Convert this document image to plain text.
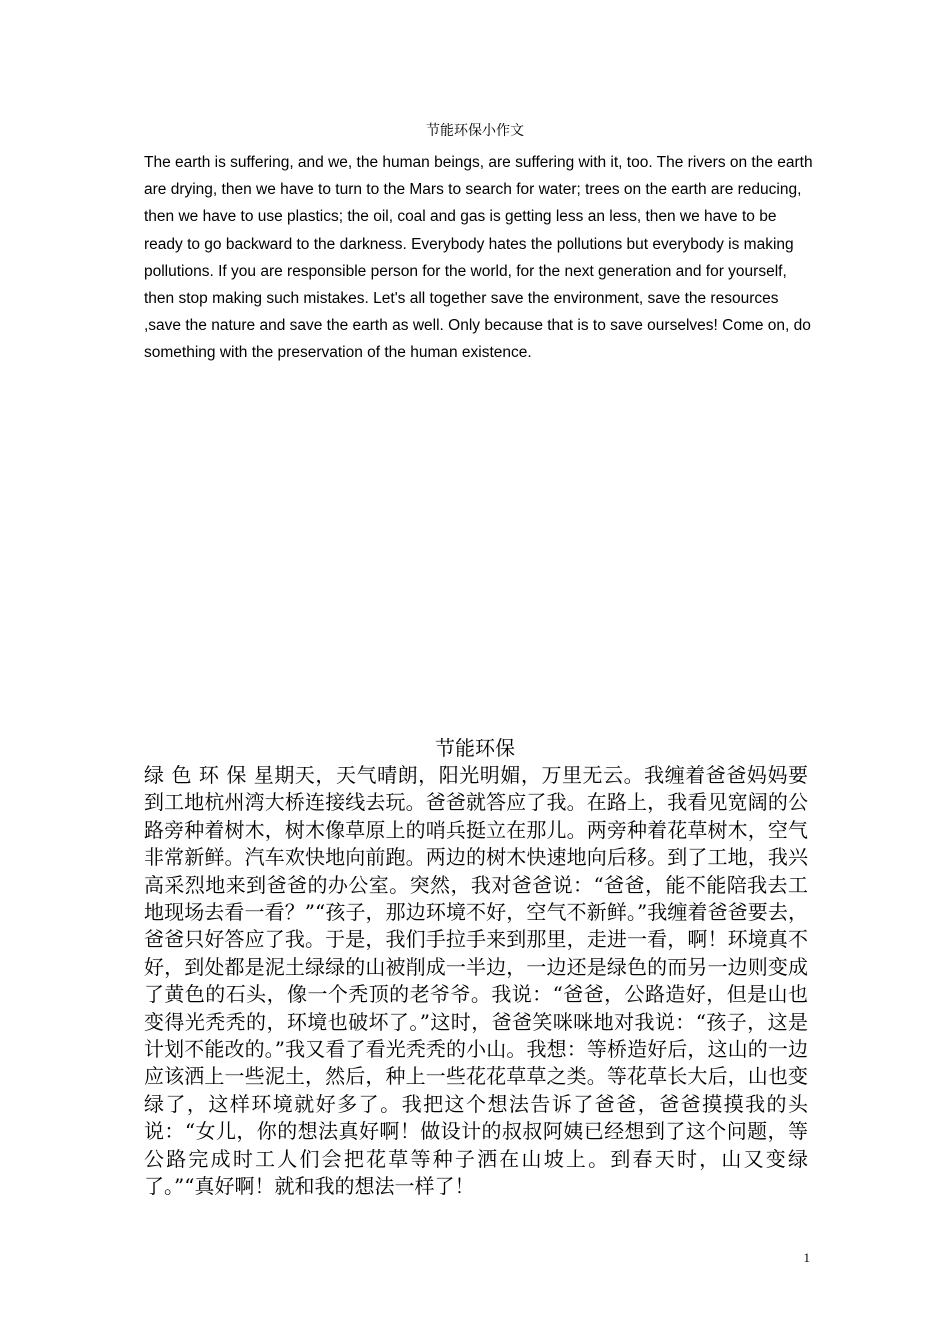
节能环保小作文

The earth is suffering, and we, the human beings, are suffering with it, too. The rivers on the earth are drying, then we have to turn to the Mars to search for water; trees on the earth are reducing, then we have to use plastics; the oil, coal and gas is getting less an less, then we have to be ready to go backward to the darkness. Everybody hates the pollutions but everybody is making pollutions. If you are responsible person for the world, for the next generation and for yourself, then stop making such mistakes. Let's all together save the environment, save the resources ,save the nature and save the earth as well. Only because that is to save ourselves! Come on, do something with the preservation of the human existence.

节能环保

绿 色 环 保 星期天，天气晴朗，阳光明媚，万里无云。我缠着爸爸妈妈要到工地杭州湾大桥连接线去玩。爸爸就答应了我。在路上，我看见宽阔的公路旁种着树木，树木像草原上的哨兵挺立在那儿。两旁种着花草树木，空气非常新鲜。汽车欢快地向前跑。两边的树木快速地向后移。到了工地，我兴高采烈地来到爸爸的办公室。突然，我对爸爸说：“爸爸，能不能陪我去工地现场去看一看？”“孩子，那边环境不好，空气不新鲜。”我缠着爸爸要去，爸爸只好答应了我。于是，我们手拉手来到那里，走进一看，啊！环境真不好，到处都是泥土绿绿的山被削成一半边，一边还是绿色的而另一边则变成了黄色的石头，像一个秃顶的老爷爷。我说：“爸爸，公路造好，但是山也变得光秃秃的，环境也破坏了。”这时，爸爸笑咪咪地对我说：“孩子，这是计划不能改的。”我又看了看光秃秃的小山。我想：等桥造好后，这山的一边应该洒上一些泥土，然后，种上一些花花草草之类。等花草长大后，山也变绿了，这样环境就好多了。我把这个想法告诉了爸爸，爸爸摸摸我的头说：“女儿，你的想法真好啊！做设计的叔叔阿姨已经想到了这个问题，等公路完成时工人们会把花草等种子洒在山坡上。到春天时，山又变绿了。”“真好啊！就和我的想法一样了！

1
